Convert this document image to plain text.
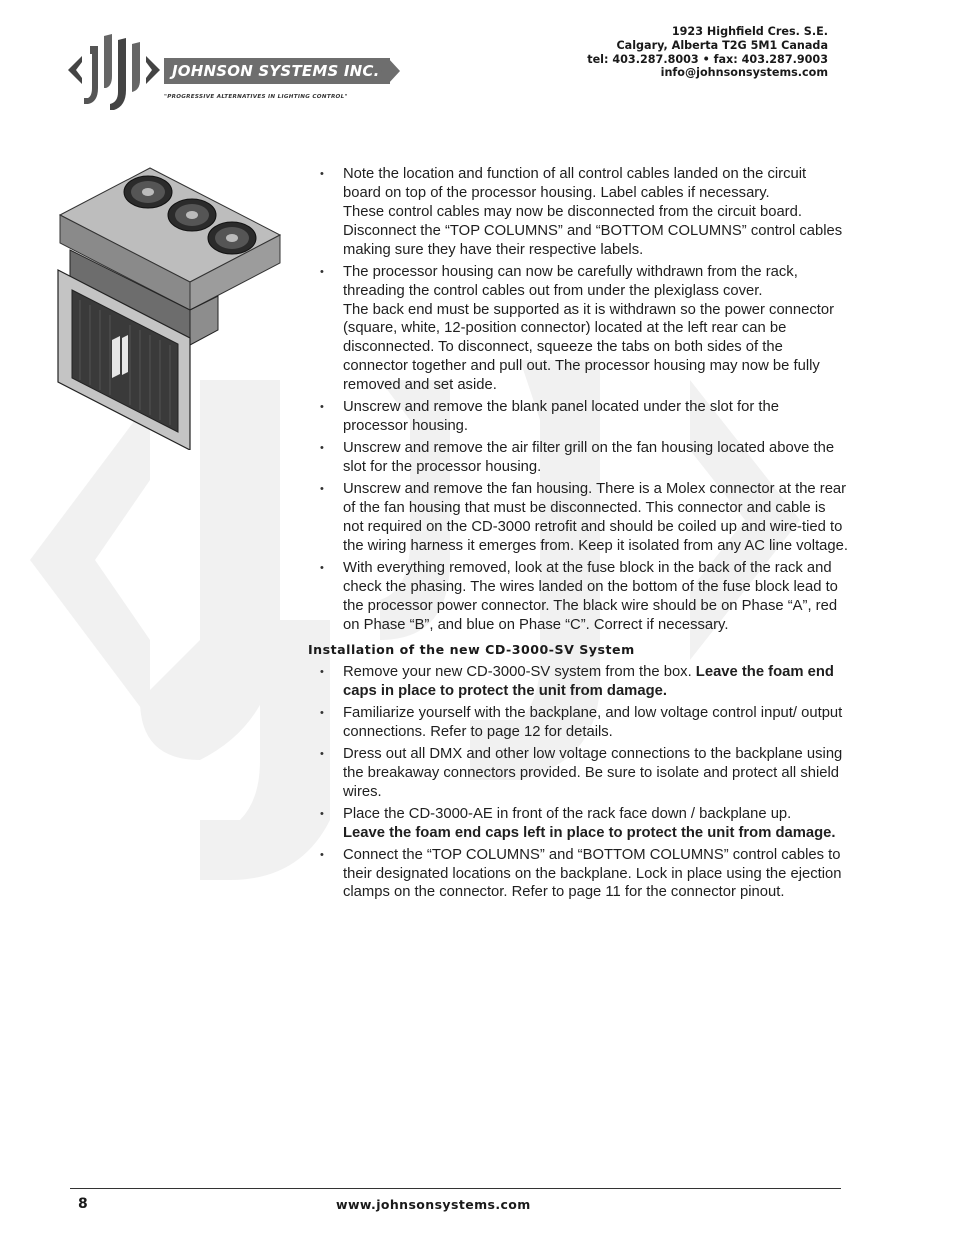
JOHNSON SYSTEMS INC.
"PROGRESSIVE ALTERNATIVES IN LIGHTING CONTROL"
1923 Highfield Cres. S.E.
Calgary, Alberta T2G 5M1 Canada
tel: 403.287.8003 • fax: 403.287.9003
info@johnsonsystems.com
• Note the location and function of all control cables landed on the circuit board on top of the processor housing. Label cables if necessary.
These control cables may now be disconnected from the circuit board. Disconnect the “TOP COLUMNS” and “BOTTOM COLUMNS” control cables making sure they have their respective labels.
• The processor housing can now be carefully withdrawn from the rack, threading the control cables out from under the plexiglass cover.
The back end must be supported as it is withdrawn so the power connector (square, white, 12-position connector) located at the left rear can be disconnected. To disconnect, squeeze the tabs on both sides of the connector together and pull out. The processor housing may now be fully removed and set aside.
• Unscrew and remove the blank panel located under the slot for the processor housing.
• Unscrew and remove the air filter grill on the fan housing located above the slot for the processor housing.
• Unscrew and remove the fan housing. There is a Molex connector at the rear of the fan housing that must be disconnected. This connector and cable is not required on the CD-3000 retrofit and should be coiled up and wire-tied to the wiring harness it emerges from. Keep it isolated from any AC line voltage.
• With everything removed, look at the fuse block in the back of the rack and check the phasing. The wires landed on the bottom of the fuse block lead to the processor power connector. The black wire should be on Phase “A”, red on Phase “B”, and blue on Phase “C”. Correct if necessary.
Installation of the new CD-3000-SV System
• Remove your new CD-3000-SV system from the box. Leave the foam end caps in place to protect the unit from damage.
• Familiarize yourself with the backplane, and low voltage control input/ output connections. Refer to page 12 for details.
• Dress out all DMX and other low voltage connections to the backplane using the breakaway connectors provided. Be sure to isolate and protect all shield wires.
• Place the CD-3000-AE in front of the rack face down / backplane up.
Leave the foam end caps left in place to protect the unit from damage.
• Connect the “TOP COLUMNS” and “BOTTOM COLUMNS” control cables to their designated locations on the backplane. Lock in place using the ejection clamps on the connector. Refer to page 11 for the connector pinout.
8	www.johnsonsystems.com
